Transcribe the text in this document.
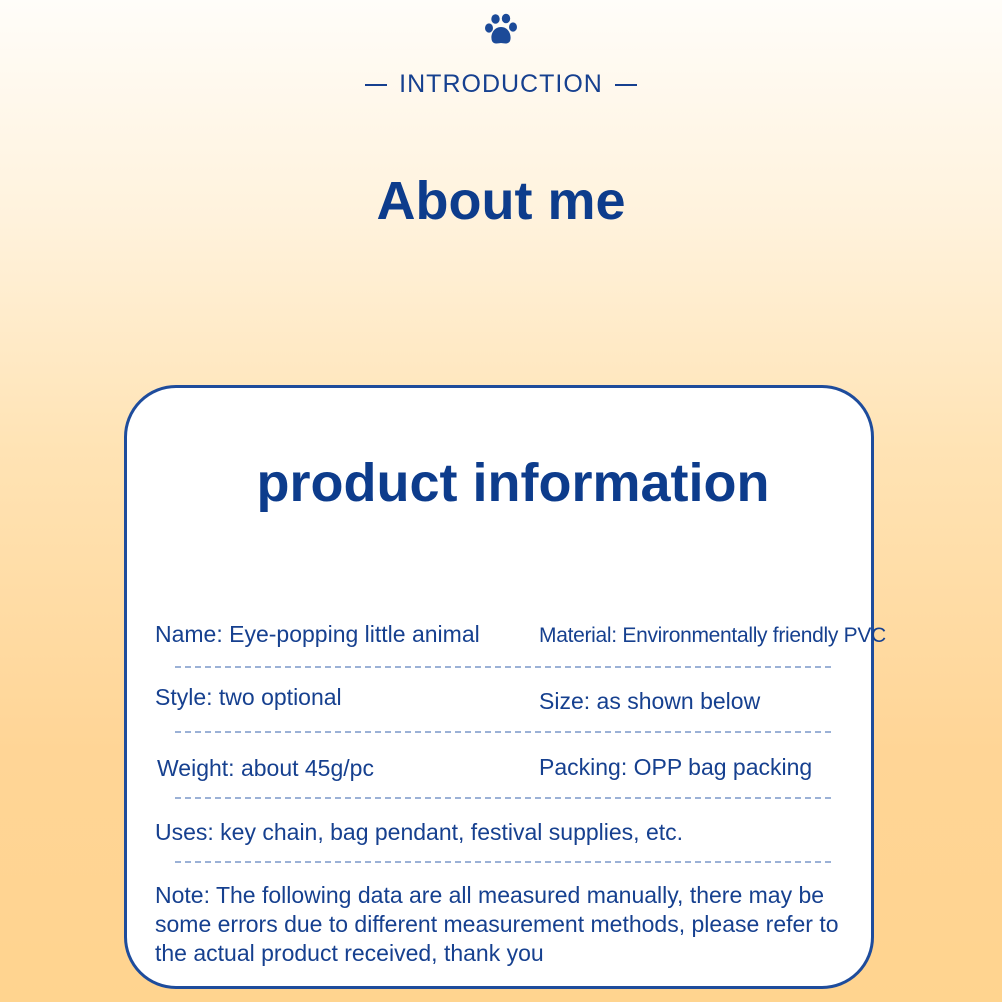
INTRODUCTION
About me
product information
Name: Eye-popping little animal	Material: Environmentally friendly PVC
Style: two optional	Size: as shown below
Weight: about 45g/pc	Packing: OPP bag packing
Uses: key chain, bag pendant, festival supplies, etc.
Note: The following data are all measured manually, there may be some errors due to different measurement methods, please refer to the actual product received, thank you
